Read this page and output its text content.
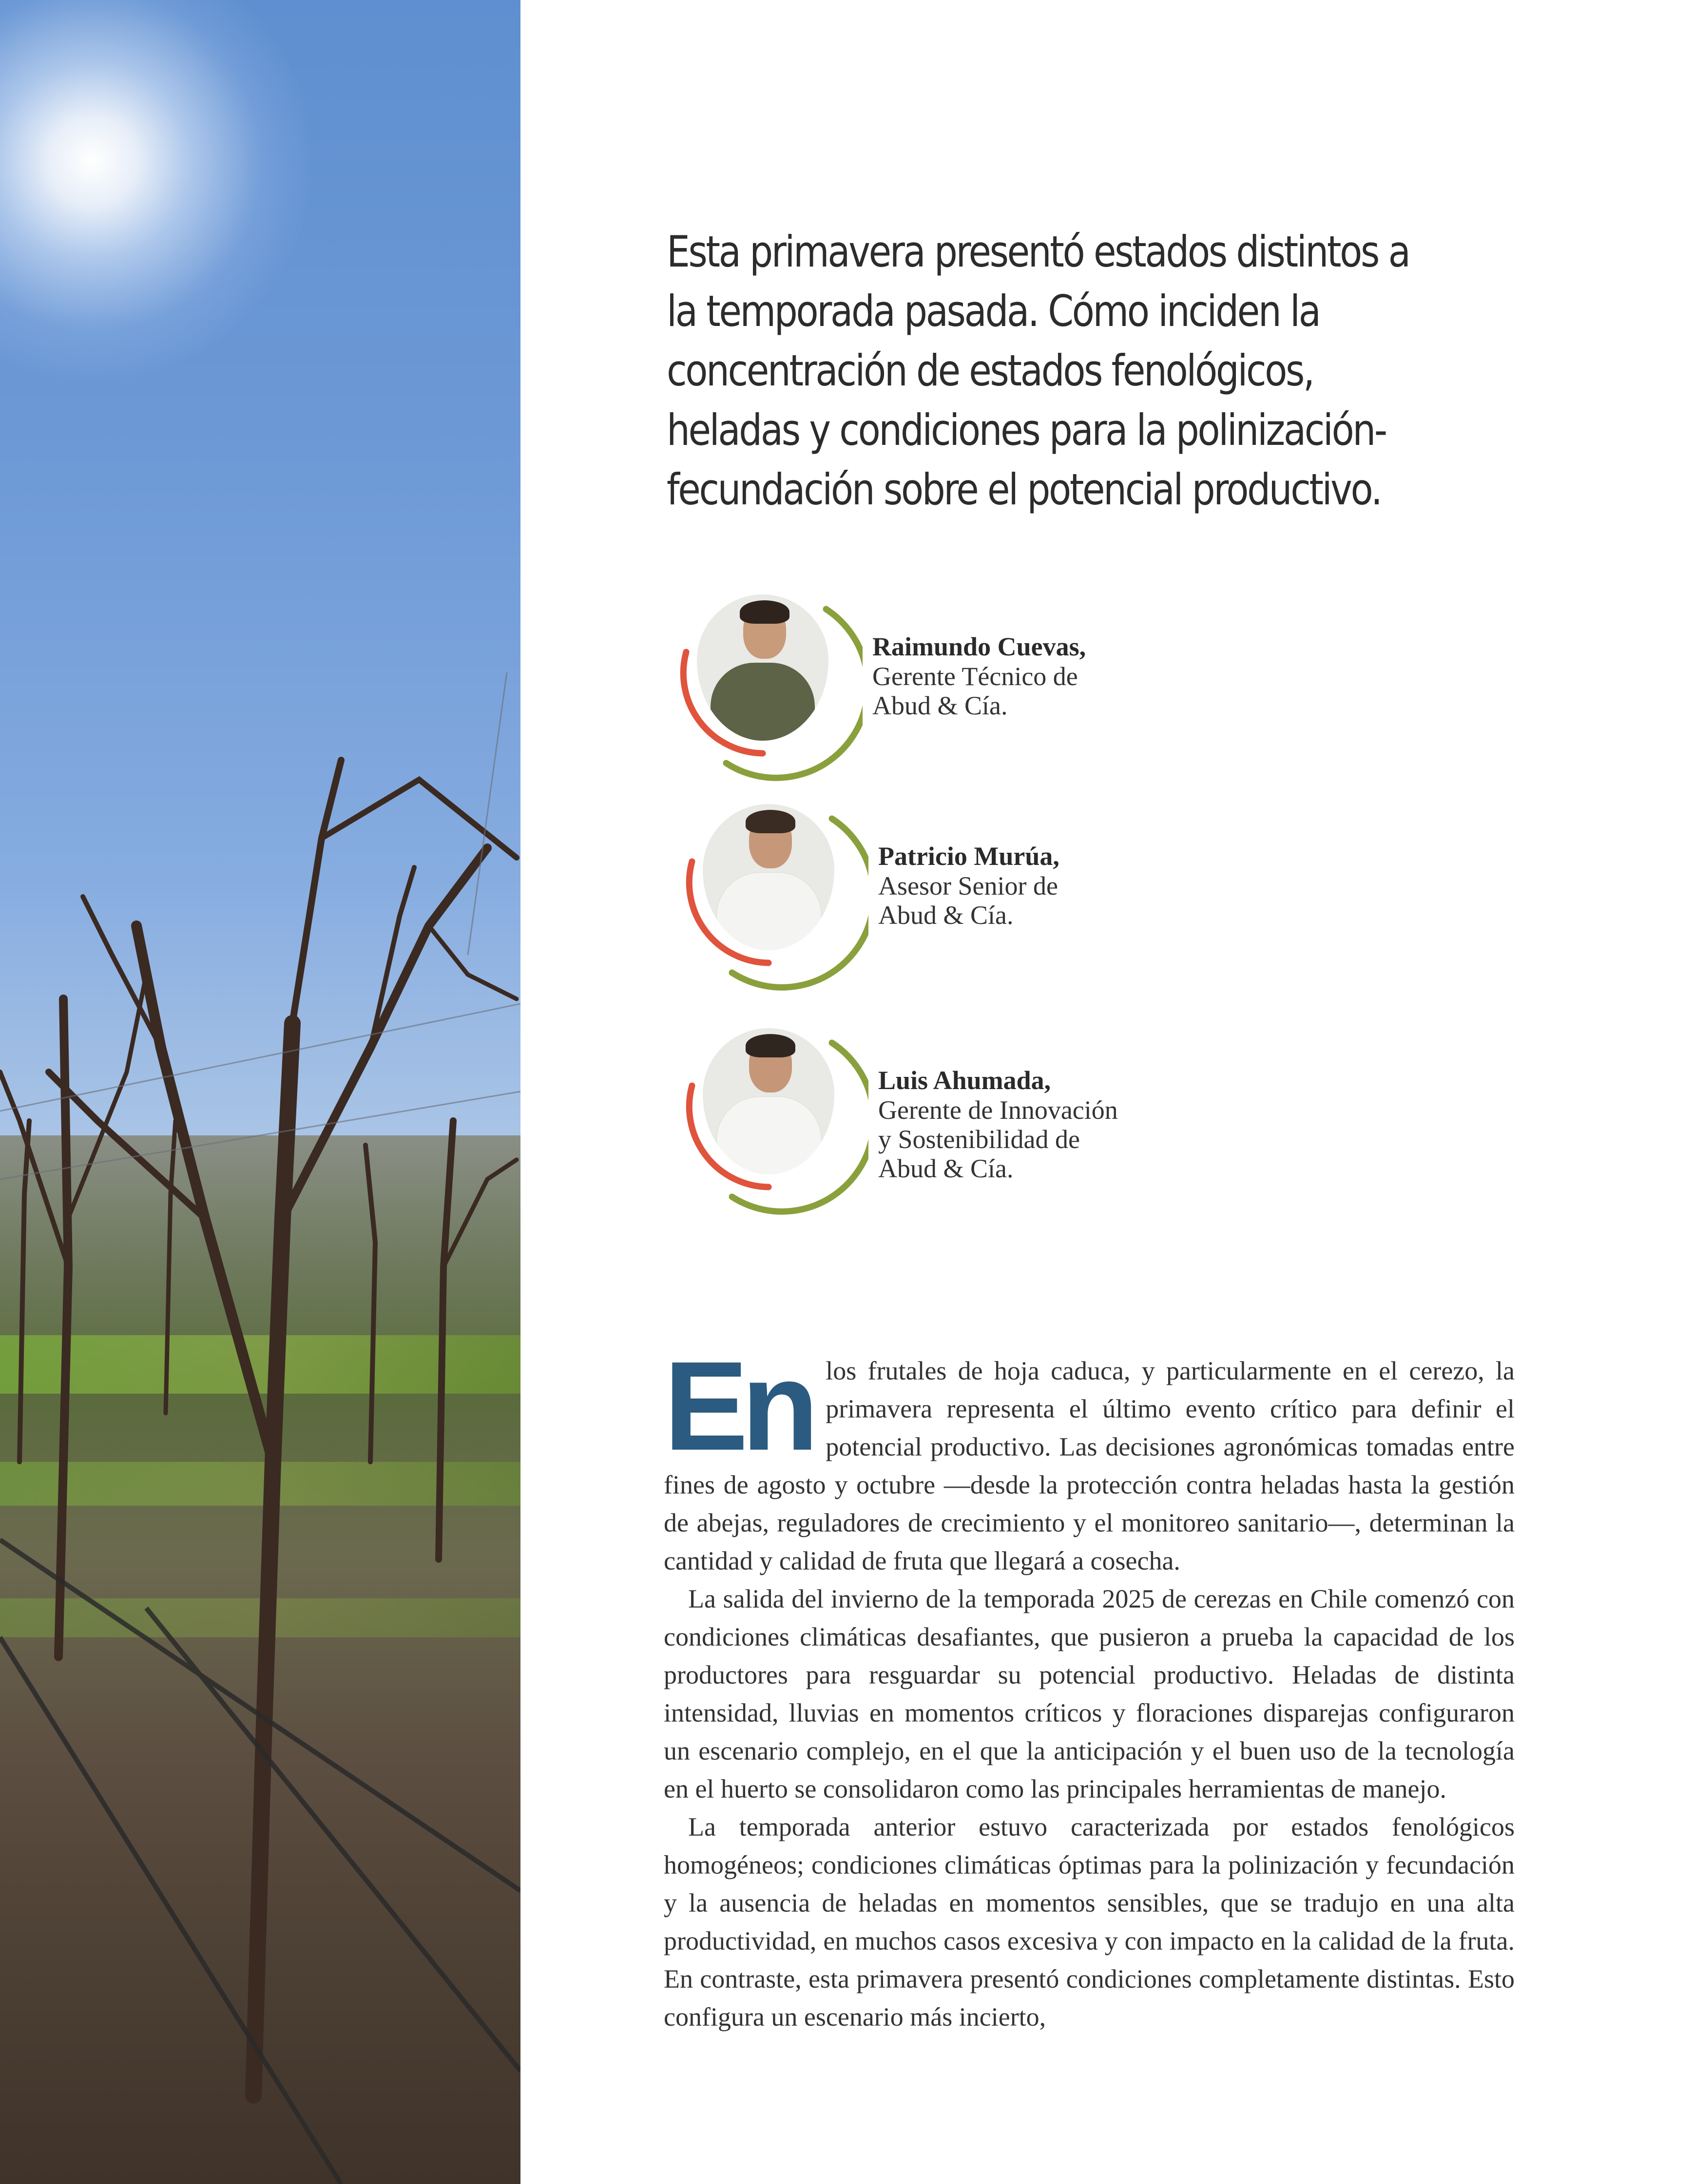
Esta primavera presentó estados distintos a la temporada pasada. Cómo inciden la concentración de estados fenológicos, heladas y condiciones para la polinización-fecundación sobre el potencial productivo.

Raimundo Cuevas,

Gerente Técnico de
Abud & Cía.

Patricio Murúa,

Asesor Senior de
Abud & Cía.

Luis Ahumada,

Gerente de Innovación
y Sostenibilidad de
Abud & Cía.

En los frutales de hoja caduca, y particularmente en el cerezo, la primavera representa el último evento crítico para definir el potencial productivo. Las decisiones agronómicas tomadas entre fines de agosto y octubre —desde la protección contra heladas hasta la gestión de abejas, reguladores de crecimiento y el monitoreo sanitario—, determinan la cantidad y calidad de fruta que llegará a cosecha.

La salida del invierno de la temporada 2025 de cerezas en Chile comenzó con condiciones climáticas desafiantes, que pusieron a prueba la capacidad de los productores para resguardar su potencial productivo. Heladas de distinta intensidad, lluvias en momentos críticos y floraciones disparejas configuraron un escenario complejo, en el que la anticipación y el buen uso de la tecnología en el huerto se consolidaron como las principales herramientas de manejo.

La temporada anterior estuvo caracterizada por estados fenológicos homogéneos; condiciones climáticas óptimas para la polinización y fecundación y la ausencia de heladas en momentos sensibles, que se tradujo en una alta productividad, en muchos casos excesiva y con impacto en la calidad de la fruta. En contraste, esta primavera presentó condiciones completamente distintas. Esto configura un escenario más incierto,
